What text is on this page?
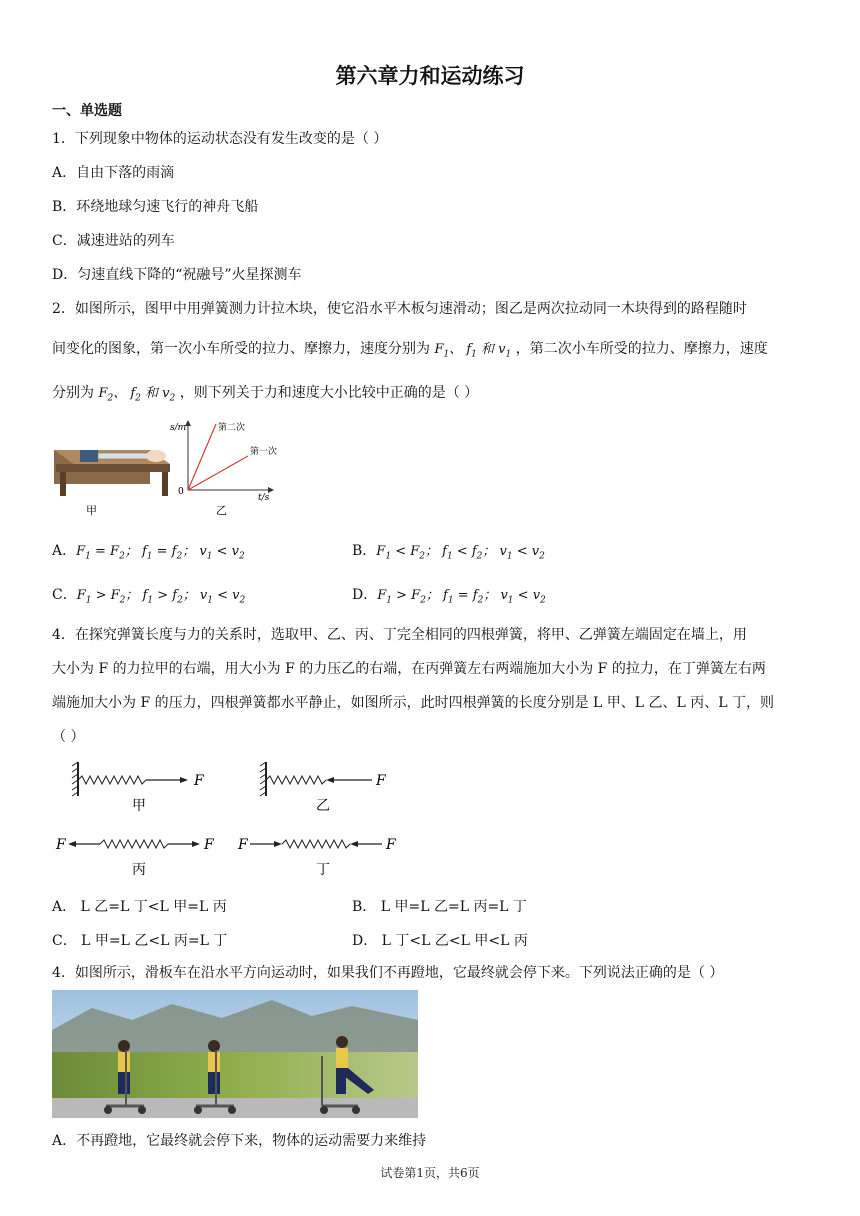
第六章力和运动练习
一、单选题
1．下列现象中物体的运动状态没有发生改变的是（ ）
A．自由下落的雨滴
B．环绕地球匀速飞行的神舟飞船
C．减速进站的列车
D．匀速直线下降的“祝融号”火星探测车
2．如图所示，图甲中用弹簧测力计拉木块，使它沿水平木板匀速滑动；图乙是两次拉动同一木块得到的路程随时
间变化的图象，第一次小车所受的拉力、摩擦力，速度分别为 $F_1$、 $f_1$ 和 $v_1$ ，第二次小车所受的拉力、摩擦力，速度
分别为 $F_2$、 $f_2$ 和 $v_2$ ，则下列关于力和速度大小比较中正确的是（ ）
甲
s/m
t/s
0
第二次
第一次
乙
A．$F_1 = F_2$； $f_1 = f_2$； $v_1 < v_2$	B．$F_1 < F_2$； $f_1 < f_2$； $v_1 < v_2$
C．$F_1 > F_2$； $f_1 > f_2$； $v_1 < v_2$	D．$F_1 > F_2$； $f_1 = f_2$； $v_1 < v_2$
4．在探究弹簧长度与力的关系时，选取甲、乙、丙、丁完全相同的四根弹簧，将甲、乙弹簧左端固定在墙上，用
大小为 F 的力拉甲的右端，用大小为 F 的力压乙的右端，在丙弹簧左右两端施加大小为 F 的拉力，在丁弹簧左右两
端施加大小为 F 的压力，四根弹簧都水平静止，如图所示，此时四根弹簧的长度分别是 L 甲、L 乙、L 丙、L 丁，则
（ ）
F
甲
F
乙
F	F
丙
F	F
丁
A． L 乙=L 丁<L 甲=L 丙	B． L 甲=L 乙=L 丙=L 丁
C． L 甲=L 乙<L 丙=L 丁	D． L 丁<L 乙<L 甲<L 丙
4．如图所示，滑板车在沿水平方向运动时，如果我们不再蹬地，它最终就会停下来。下列说法正确的是（ ）
A．不再蹬地，它最终就会停下来，物体的运动需要力来维持
试卷第1页，共6页
